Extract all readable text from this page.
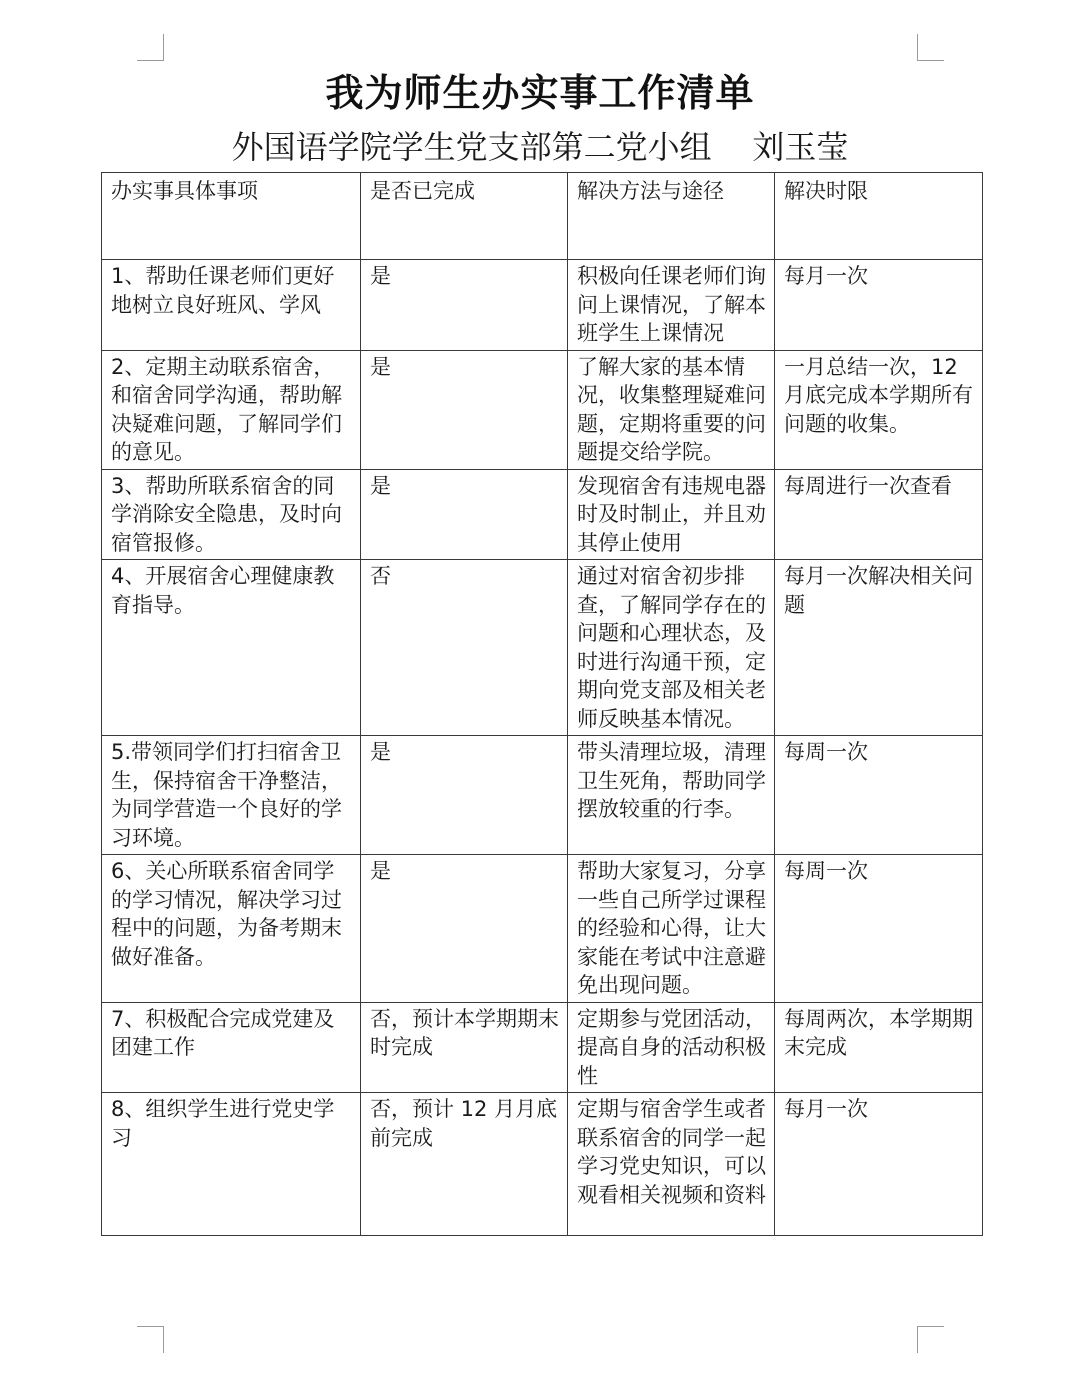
我为师生办实事工作清单
外国语学院学生党支部第二党小组    刘玉莹
办实事具体事项	是否已完成	解决方法与途径	解决时限
1、帮助任课老师们更好地树立良好班风、学风	是	积极向任课老师们询问上课情况，了解本班学生上课情况	每月一次
2、定期主动联系宿舍，和宿舍同学沟通，帮助解决疑难问题，了解同学们的意见。	是	了解大家的基本情况，收集整理疑难问题，定期将重要的问题提交给学院。	一月总结一次，12月底完成本学期所有问题的收集。
3、帮助所联系宿舍的同学消除安全隐患，及时向宿管报修。	是	发现宿舍有违规电器时及时制止，并且劝其停止使用	每周进行一次查看
4、开展宿舍心理健康教育指导。	否	通过对宿舍初步排查，了解同学存在的问题和心理状态，及时进行沟通干预，定期向党支部及相关老师反映基本情况。	每月一次解决相关问题
5.带领同学们打扫宿舍卫生，保持宿舍干净整洁，为同学营造一个良好的学习环境。	是	带头清理垃圾，清理卫生死角，帮助同学摆放较重的行李。	每周一次
6、关心所联系宿舍同学的学习情况，解决学习过程中的问题，为备考期末做好准备。	是	帮助大家复习，分享一些自己所学过课程的经验和心得，让大家能在考试中注意避免出现问题。	每周一次
7、积极配合完成党建及团建工作	否，预计本学期期末时完成	定期参与党团活动，提高自身的活动积极性	每周两次，本学期期末完成
8、组织学生进行党史学习	否，预计 12 月月底前完成	定期与宿舍学生或者联系宿舍的同学一起学习党史知识，可以观看相关视频和资料	每月一次
